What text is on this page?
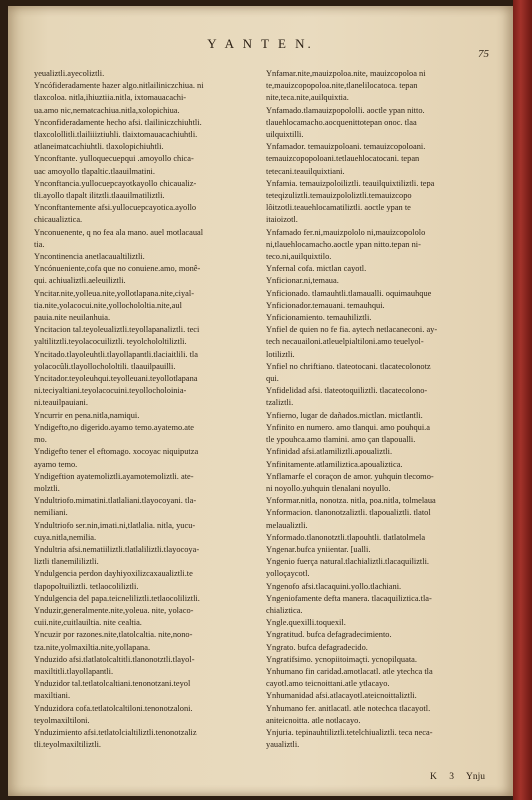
Y A N T E N.
75
yeualiztli.ayecoliztli.
Yncófideradamente hazer algo.nitlailiniczchiua. ni
tlaxcoloa. nitla,ihiuztiia.nitla, ixtomauacachi-
ua.amo nic,nematcachiua.nitla,xolopichiua.
Ynconfideradamente hecho afsi. tlailiniczchiuhtli.
tlaxcolollitli.tlailiiiztiuhli. tlaixtomauacachiuhtli.
atlaneimatcachiuhtli. tlaxolopichiuhtli.
Ynconftante. yulloquecuepqui .amoyollo chica-
uac amoyollo tlapaltic.tlaauilmatini.
Ynconftancia.yullocuepcayotkayollo chicaualiz-
tli.ayollo tlapalt ilitztli.tlaauilmatiliztli.
Ynconftantemente afsi.yullocuepcayotica.ayollo
chicaualiztica.
Ynconuenente, q no fea ala mano. auel motlacaual
tia.
Yncontinencia anetlacaualtiliztli.
Yncónueniente,cofa que no conuiene.amo, monê-
qui. achiualiztli.aeleuiliztli.
Yncitar.nite,yolleua.nite,yollotlapana.nite,ciyal-
tia.nite,yolacocui.nite,yollochololtia.nite,aul
pauia.nite neuilanhuia.
Yncitacion tal.teyoleualiztli.teyollapanaliztli. teci
yaltilitztli.teyolacocuiliztli. teyolchololtiliztli.
Yncitado.tlayoleuhtli.tlayollapantli.tlaciaitlili. tla
yolacocûli.tlayollochololtili. tlaauilpauilli.
Yncitador.teyoleuhqui.teyolleuani.teyollotlapana
ni.teciyaltiani.teyolacocuini.teyollocholoinia-
ni.teauilpauiani.
Yncurrir en pena.nitla,namiqui.
Yndigefto,no digerido.ayamo temo.ayatemo.ate
mo.
Yndigefto tener el eftomago. xocoyac niquiputza
ayamo temo.
Yndigeftion ayatemoliztli.ayamotemoliztli. ate-
molztli.
Yndultriofo.mimatini.tlatlaliani.tlayocoyani. tla-
nemiliani.
Yndultriofo ser.nin,imati.ni,tlatlalia. nitla, yucu-
cuya.nitla,nemilia.
Yndultria afsi.nematiiliztli.tlatlaliliztli.tlayocoya-
liztli tlanemililiztli.
Yndulgencia perdon dayhiyoxilizcaxaualiztli.te
tlapopoltuiliztli. tetlaocoliliztli.
Yndulgencia del papa.teicneliliztli.tetlaocoliliztli.
Ynduzir,generalmente.nite,yoleua. nite, yolaco-
cuii.nite,cuitlauiltia. nite cealtia.
Yncuzir por razones.nite,tlatolcaltia. nite,nono-
tza.nite,yolmaxiltia.nite,yollapana.
Ynduzido afsi.tlatlatolcaltitli.tlanonotztli.tlayol-
maxiltitli.tlayollapantli.
Ynduzidor tal.tetlatolcaltiani.tenonotzani.teyol
maxiltiani.
Ynduzidora cofa.tetlatolcaltiloni.tenonotzaloni.
teyolmaxiltiloni.
Ynduzimiento afsi.tetlatolcialtiliztli.tenonotzaliz
tli.teyolmaxiltiliztli.
Ynfamar.nite,mauizpoloa.nite, mauizcopoloa ni
te,mauizcopopoloa.nite,tlanelilocatoca. tepan
nite,teca.nite,auilquixtia.
Ynfamado.tlamauizpopololli. aoctle ypan nitto.
tlauehlocamacho.aocquenittotepan onoc. tlaa
uilquixtilli.
Ynfamador. temauizpoloani. temauizcopoloani.
temauizcopopoloani.tetlauehlocatocani. tepan
tetecani.teauilquixtiani.
Ynfamia. temauizpoloiliztli. teauilquixtiliztli. tepa
teteqizuliztli.temauizpololiztli.temauizcopo
lôitzotli.teauehlocamatiliztli. aoctle ypan te
itaioizotl.
Ynfamado fer.ni,mauizpololo ni,mauizcopololo
ni,tlauehlocamacho.aoctle ypan nitto.tepan ni-
teco.ni,auilquixtilo.
Ynfernal cofa. mictlan cayotl.
Ynficionar.ni,temaua.
Ynficionado. tlamauhtli.tlamaualli. oquimauhque
Ynficionador.temauani. temauhqui.
Ynficionamiento. temauhiliztli.
Ynfiel de quien no fe fia. aytech netlacaneconi. ay-
tech necauailoni.atleuelpialtiloni.amo teuelyol-
lotiliztli.
Ynfiel no chriftiano. tlateotocani. tlacatecolonotz
qui.
Ynfidelidad afsi. tlateotoquiliztli. tlacatecolono-
tzaliztli.
Ynfierno, lugar de dañados.mictlan. mictlantli.
Ynfinito en numero. amo tlanqui. amo pouhqui.a
tle ypouhca.amo tlamini. amo çan tlapoualli.
Ynfinidad afsi.atlamiliztli.apoualiztli.
Ynfinitamente.atlamiliztica.apoualiztica.
Ynflamarfe el coraçon de amor. yuhquin tlecomo-
ni noyollo.yuhquin tlenalani noyullo.
Ynformar.nitla, nonotza. nitla, poa.nitla, tolmelaua
Ynformacion. tlanonotzaliztli. tlapoualiztli. tlatol
melaualiztli.
Ynformado.tlanonotztli.tlapouhtli. tlatlatolmela
Yngenar.bufca yniientar. [ualli.
Yngenio fuerça natural.tlachializtli.tlacaquiliztli.
yolloçaycotl.
Yngenofo afsi.tlacaquini.yollo.tlachiani.
Yngeniofamente defta manera. tlacaquiliztica.tla-
chializtica.
Yngle.quexilli.toquexil.
Yngratitud. bufca defagradecimiento.
Yngrato. bufca defagradecido.
Yngratifsimo. ycnopiitoimaçti. ycnopilquata.
Ynhumano fin caridad.amotlacatl. atle ytechca tla
cayotl.amo teicnoittani.atle ytlacayo.
Ynhumanidad afsi.atlacayotl.ateicnoittaliztli.
Ynhumano fer. anitlacatl. atle notechca tlacayotl.
aniteicnoitta. atle notlacayo.
Ynjuria. tepinauhtiliztli.tetelchiualiztli. teca neca-
yaualiztli.
K 3 Ynju
